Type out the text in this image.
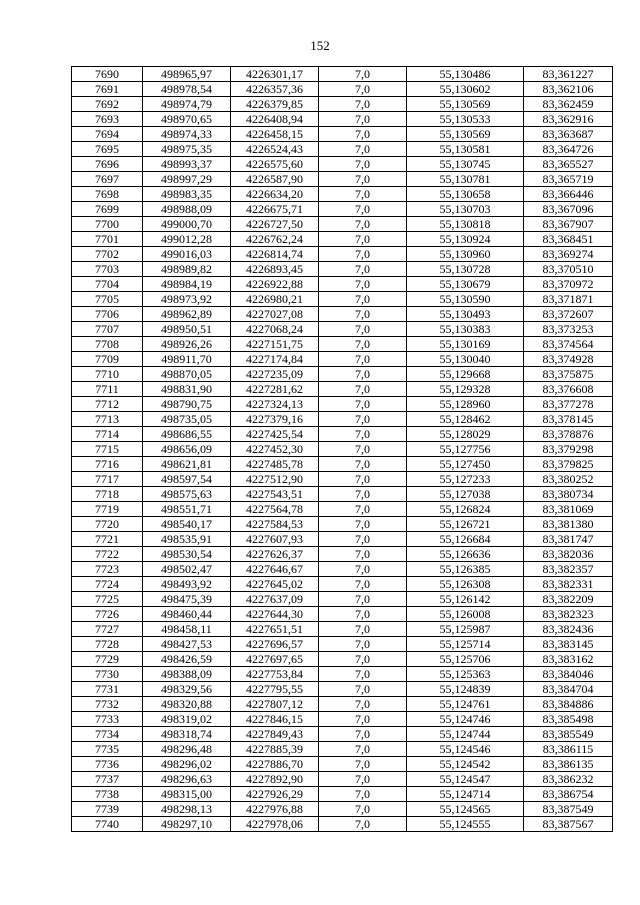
152
7690	498965,97	4226301,17	7,0	55,130486	83,361227
7691	498978,54	4226357,36	7,0	55,130602	83,362106
7692	498974,79	4226379,85	7,0	55,130569	83,362459
7693	498970,65	4226408,94	7,0	55,130533	83,362916
7694	498974,33	4226458,15	7,0	55,130569	83,363687
7695	498975,35	4226524,43	7,0	55,130581	83,364726
7696	498993,37	4226575,60	7,0	55,130745	83,365527
7697	498997,29	4226587,90	7,0	55,130781	83,365719
7698	498983,35	4226634,20	7,0	55,130658	83,366446
7699	498988,09	4226675,71	7,0	55,130703	83,367096
7700	499000,70	4226727,50	7,0	55,130818	83,367907
7701	499012,28	4226762,24	7,0	55,130924	83,368451
7702	499016,03	4226814,74	7,0	55,130960	83,369274
7703	498989,82	4226893,45	7,0	55,130728	83,370510
7704	498984,19	4226922,88	7,0	55,130679	83,370972
7705	498973,92	4226980,21	7,0	55,130590	83,371871
7706	498962,89	4227027,08	7,0	55,130493	83,372607
7707	498950,51	4227068,24	7,0	55,130383	83,373253
7708	498926,26	4227151,75	7,0	55,130169	83,374564
7709	498911,70	4227174,84	7,0	55,130040	83,374928
7710	498870,05	4227235,09	7,0	55,129668	83,375875
7711	498831,90	4227281,62	7,0	55,129328	83,376608
7712	498790,75	4227324,13	7,0	55,128960	83,377278
7713	498735,05	4227379,16	7,0	55,128462	83,378145
7714	498686,55	4227425,54	7,0	55,128029	83,378876
7715	498656,09	4227452,30	7,0	55,127756	83,379298
7716	498621,81	4227485,78	7,0	55,127450	83,379825
7717	498597,54	4227512,90	7,0	55,127233	83,380252
7718	498575,63	4227543,51	7,0	55,127038	83,380734
7719	498551,71	4227564,78	7,0	55,126824	83,381069
7720	498540,17	4227584,53	7,0	55,126721	83,381380
7721	498535,91	4227607,93	7,0	55,126684	83,381747
7722	498530,54	4227626,37	7,0	55,126636	83,382036
7723	498502,47	4227646,67	7,0	55,126385	83,382357
7724	498493,92	4227645,02	7,0	55,126308	83,382331
7725	498475,39	4227637,09	7,0	55,126142	83,382209
7726	498460,44	4227644,30	7,0	55,126008	83,382323
7727	498458,11	4227651,51	7,0	55,125987	83,382436
7728	498427,53	4227696,57	7,0	55,125714	83,383145
7729	498426,59	4227697,65	7,0	55,125706	83,383162
7730	498388,09	4227753,84	7,0	55,125363	83,384046
7731	498329,56	4227795,55	7,0	55,124839	83,384704
7732	498320,88	4227807,12	7,0	55,124761	83,384886
7733	498319,02	4227846,15	7,0	55,124746	83,385498
7734	498318,74	4227849,43	7,0	55,124744	83,385549
7735	498296,48	4227885,39	7,0	55,124546	83,386115
7736	498296,02	4227886,70	7,0	55,124542	83,386135
7737	498296,63	4227892,90	7,0	55,124547	83,386232
7738	498315,00	4227926,29	7,0	55,124714	83,386754
7739	498298,13	4227976,88	7,0	55,124565	83,387549
7740	498297,10	4227978,06	7,0	55,124555	83,387567
